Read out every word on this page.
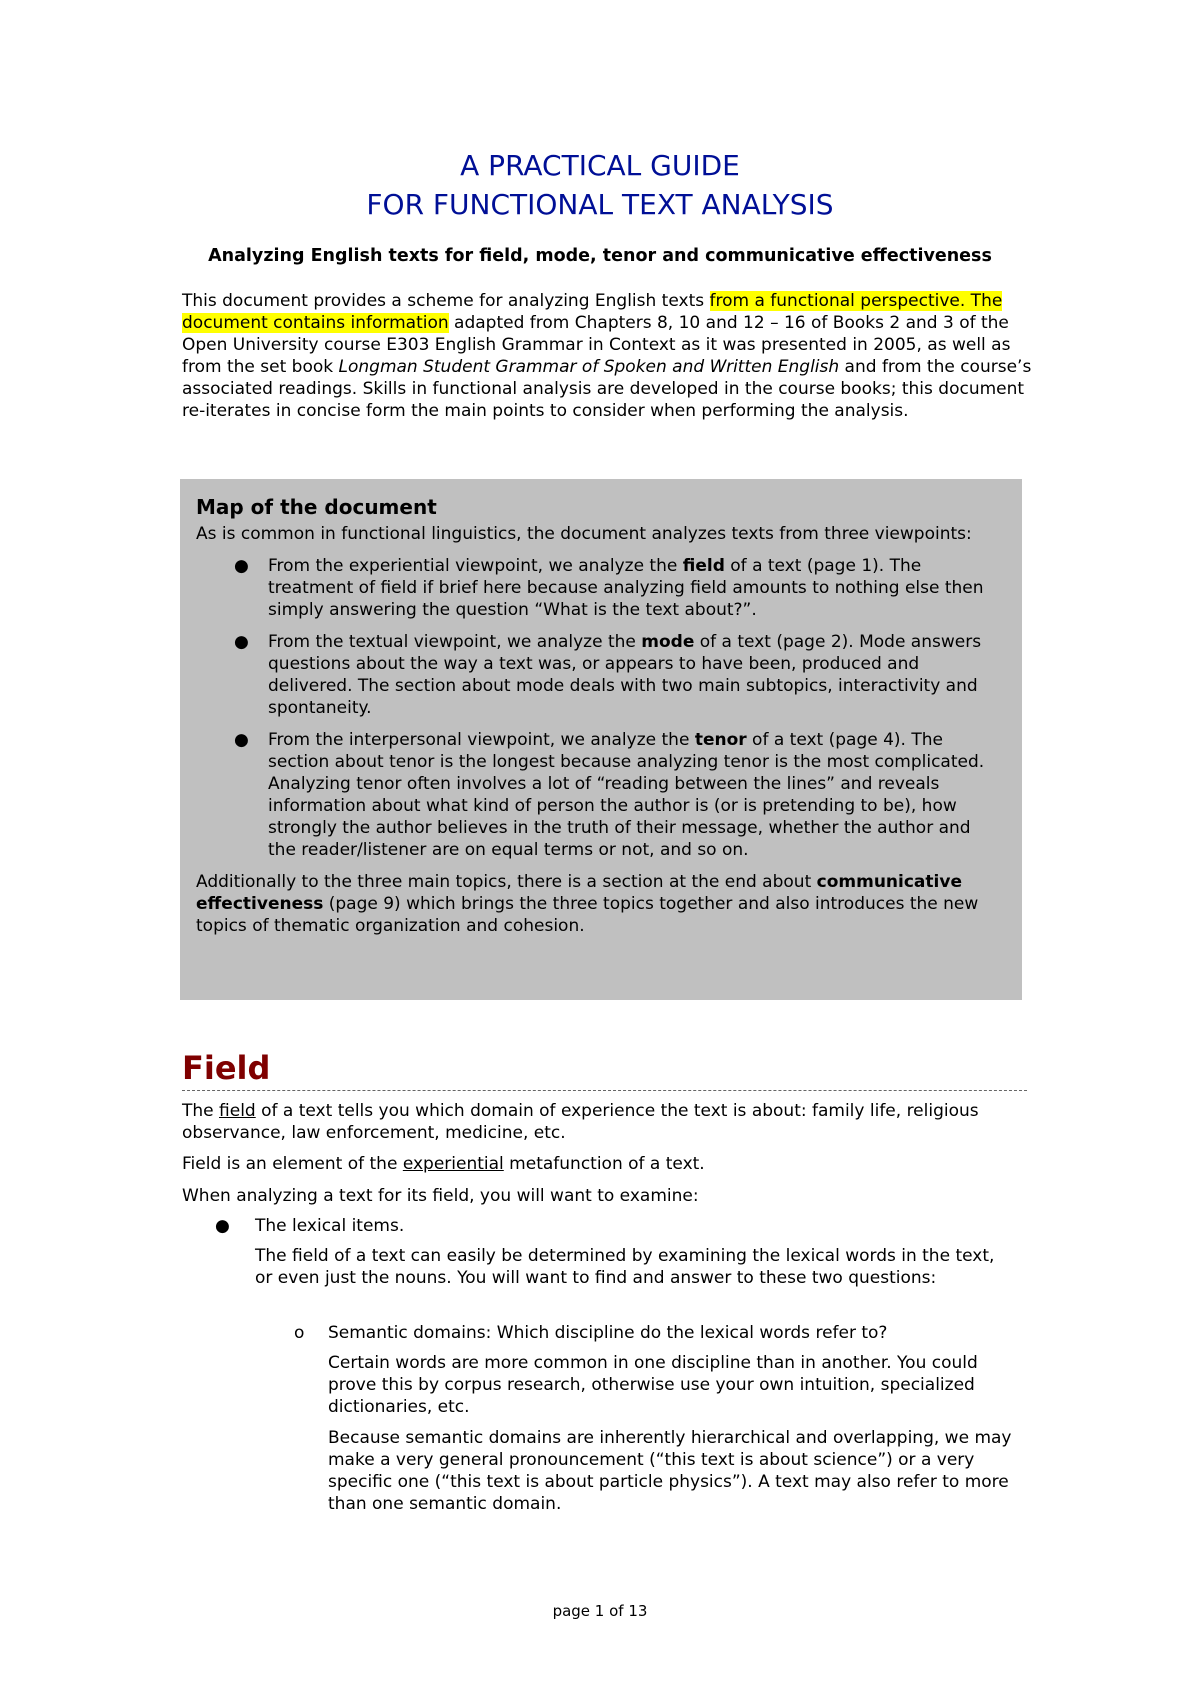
A PRACTICAL GUIDE
FOR FUNCTIONAL TEXT ANALYSIS
Analyzing English texts for field, mode, tenor and communicative effectiveness

This document provides a scheme for analyzing English texts from a functional perspective. The document contains information adapted from Chapters 8, 10 and 12 – 16 of Books 2 and 3 of the Open University course E303 English Grammar in Context as it was presented in 2005, as well as from the set book Longman Student Grammar of Spoken and Written English and from the course’s associated readings. Skills in functional analysis are developed in the course books; this document re-iterates in concise form the main points to consider when performing the analysis.

Map of the document

As is common in functional linguistics, the document analyzes texts from three viewpoints:

● From the experiential viewpoint, we analyze the field of a text (page 1). The treatment of field if brief here because analyzing field amounts to nothing else then simply answering the question “What is the text about?”.

● From the textual viewpoint, we analyze the mode of a text (page 2). Mode answers questions about the way a text was, or appears to have been, produced and delivered. The section about mode deals with two main subtopics, interactivity and spontaneity.

● From the interpersonal viewpoint, we analyze the tenor of a text (page 4). The section about tenor is the longest because analyzing tenor is the most complicated. Analyzing tenor often involves a lot of “reading between the lines” and reveals information about what kind of person the author is (or is pretending to be), how strongly the author believes in the truth of their message, whether the author and the reader/listener are on equal terms or not, and so on.

Additionally to the three main topics, there is a section at the end about communicative effectiveness (page 9) which brings the three topics together and also introduces the new topics of thematic organization and cohesion.

Field

The field of a text tells you which domain of experience the text is about: family life, religious observance, law enforcement, medicine, etc.

Field is an element of the experiential metafunction of a text.

When analyzing a text for its field, you will want to examine:

● The lexical items.

The field of a text can easily be determined by examining the lexical words in the text, or even just the nouns. You will want to find and answer to these two questions:

o Semantic domains: Which discipline do the lexical words refer to?

Certain words are more common in one discipline than in another. You could prove this by corpus research, otherwise use your own intuition, specialized dictionaries, etc.

Because semantic domains are inherently hierarchical and overlapping, we may make a very general pronouncement (“this text is about science”) or a very specific one (“this text is about particle physics”). A text may also refer to more than one semantic domain.

page 1 of 13
